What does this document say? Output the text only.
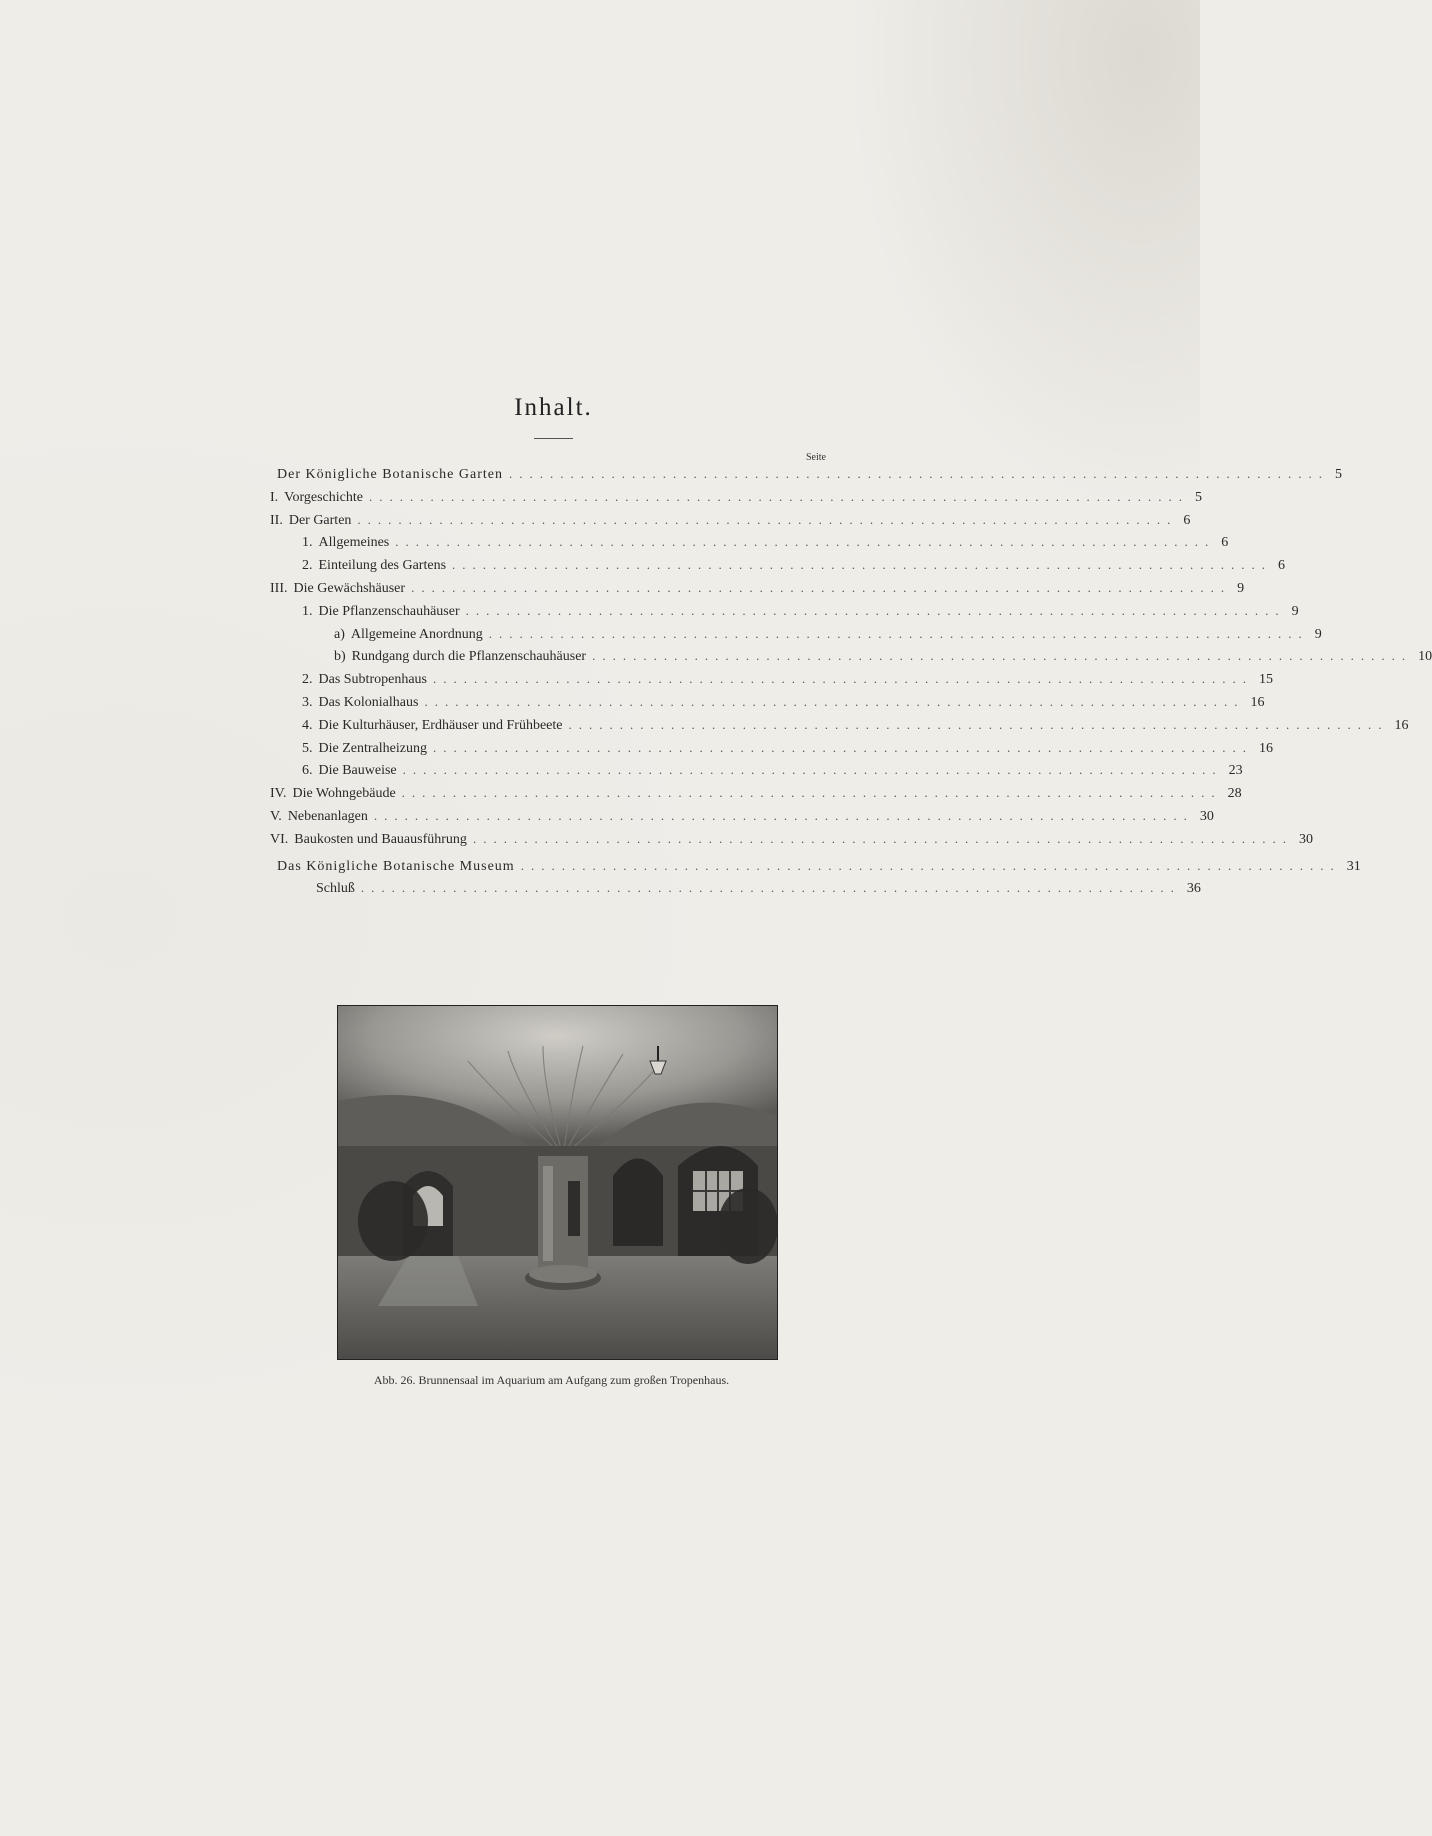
Inhalt.
Seite
Der Königliche Botanische Garten ................................................................................ 5
I. Vorgeschichte ................................................................................ 5
II. Der Garten ................................................................................ 6
1. Allgemeines ................................................................................ 6
2. Einteilung des Gartens ................................................................................ 6
III. Die Gewächshäuser ................................................................................ 9
1. Die Pflanzenschauhäuser ................................................................................ 9
a) Allgemeine Anordnung ................................................................................ 9
b) Rundgang durch die Pflanzenschauhäuser ................................................................................ 10
2. Das Subtropenhaus ................................................................................ 15
3. Das Kolonialhaus ................................................................................ 16
4. Die Kulturhäuser, Erdhäuser und Frühbeete ................................................................................ 16
5. Die Zentralheizung ................................................................................ 16
6. Die Bauweise ................................................................................ 23
IV. Die Wohngebäude ................................................................................ 28
V. Nebenanlagen ................................................................................ 30
VI. Baukosten und Bauausführung ................................................................................ 30
Das Königliche Botanische Museum ................................................................................ 31
Schluß ................................................................................ 36
Abb. 26. Brunnensaal im Aquarium am Aufgang zum großen Tropenhaus.
